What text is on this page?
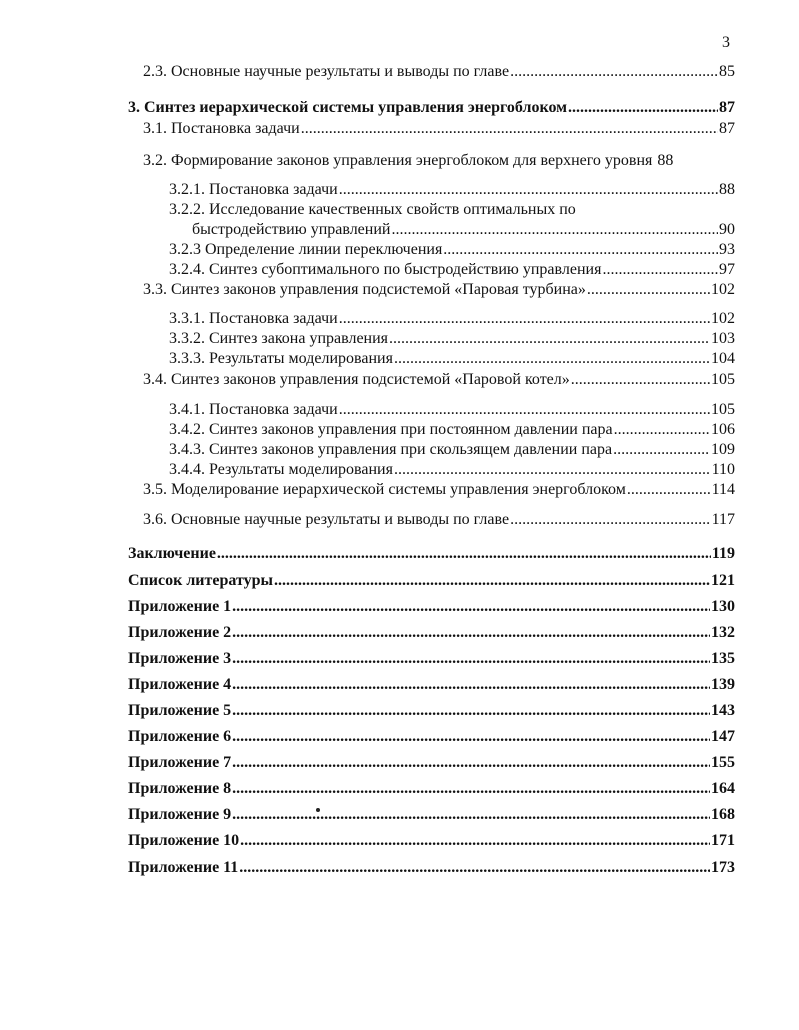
3
2.3. Основные научные результаты и выводы по главе .....	85
3. Синтез иерархической системы управления энергоблоком .....	87
3.1. Постановка задачи .....	87
3.2. Формирование законов управления энергоблоком для верхнего уровня 88
3.2.1. Постановка задачи .....	88
3.2.2. Исследование качественных свойств оптимальных по
быстродействию управлений .....	90
3.2.3 Определение линии переключения .....	93
3.2.4. Синтез субоптимального по быстродействию управления .....	97
3.3. Синтез законов управления подсистемой «Паровая турбина» .....	102
3.3.1. Постановка задачи .....	102
3.3.2. Синтез закона управления .....	103
3.3.3. Результаты моделирования .....	104
3.4. Синтез законов управления подсистемой «Паровой котел» .....	105
3.4.1. Постановка задачи .....	105
3.4.2. Синтез законов управления при постоянном давлении пара .....	106
3.4.3. Синтез законов управления при скользящем давлении пара .....	109
3.4.4. Результаты моделирования .....	110
3.5. Моделирование иерархической системы управления энергоблоком .....	114
3.6. Основные научные результаты и выводы по главе .....	117
Заключение .....	119
Список литературы .....	121
Приложение 1 .....	130
Приложение 2 .....	132
Приложение 3 .....	135
Приложение 4 .....	139
Приложение 5 .....	143
Приложение 6 .....	147
Приложение 7 .....	155
Приложение 8 .....	164
Приложение 9 .....	168
Приложение 10 .....	171
Приложение 11 .....	173
